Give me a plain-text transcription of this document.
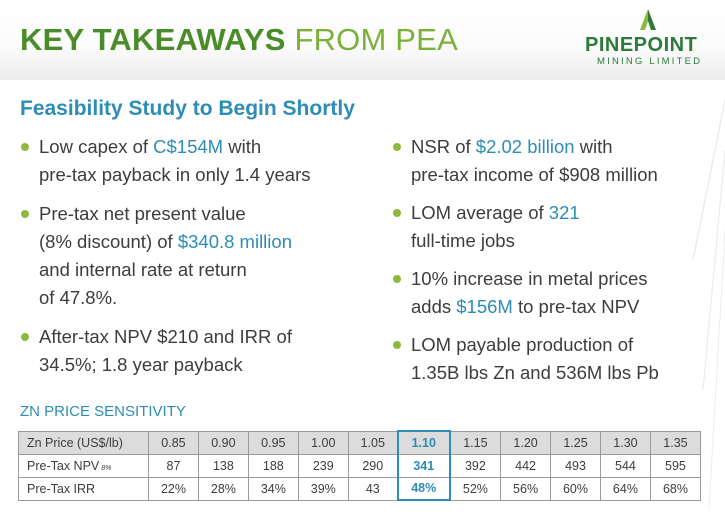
KEY TAKEAWAYS FROM PEA	PINEPOINT
MINING LIMITED
Feasibility Study to Begin Shortly
Low capex of C$154M with
pre-tax payback in only 1.4 years
Pre-tax net present value
(8% discount) of $340.8 million
and internal rate at return
of 47.8%.
After-tax NPV $210 and IRR of
34.5%; 1.8 year payback
NSR of $2.02 billion with
pre-tax income of $908 million
LOM average of 321
full-time jobs
10% increase in metal prices
adds $156M to pre-tax NPV
LOM payable production of
1.35B lbs Zn and 536M lbs Pb
ZN PRICE SENSITIVITY
Zn Price (US$/lb)	0.85	0.90	0.95	1.00	1.05	1.10	1.15	1.20	1.25	1.30	1.35
Pre-Tax NPV 8%	87	138	188	239	290	341	392	442	493	544	595
Pre-Tax IRR	22%	28%	34%	39%	43	48%	52%	56%	60%	64%	68%
